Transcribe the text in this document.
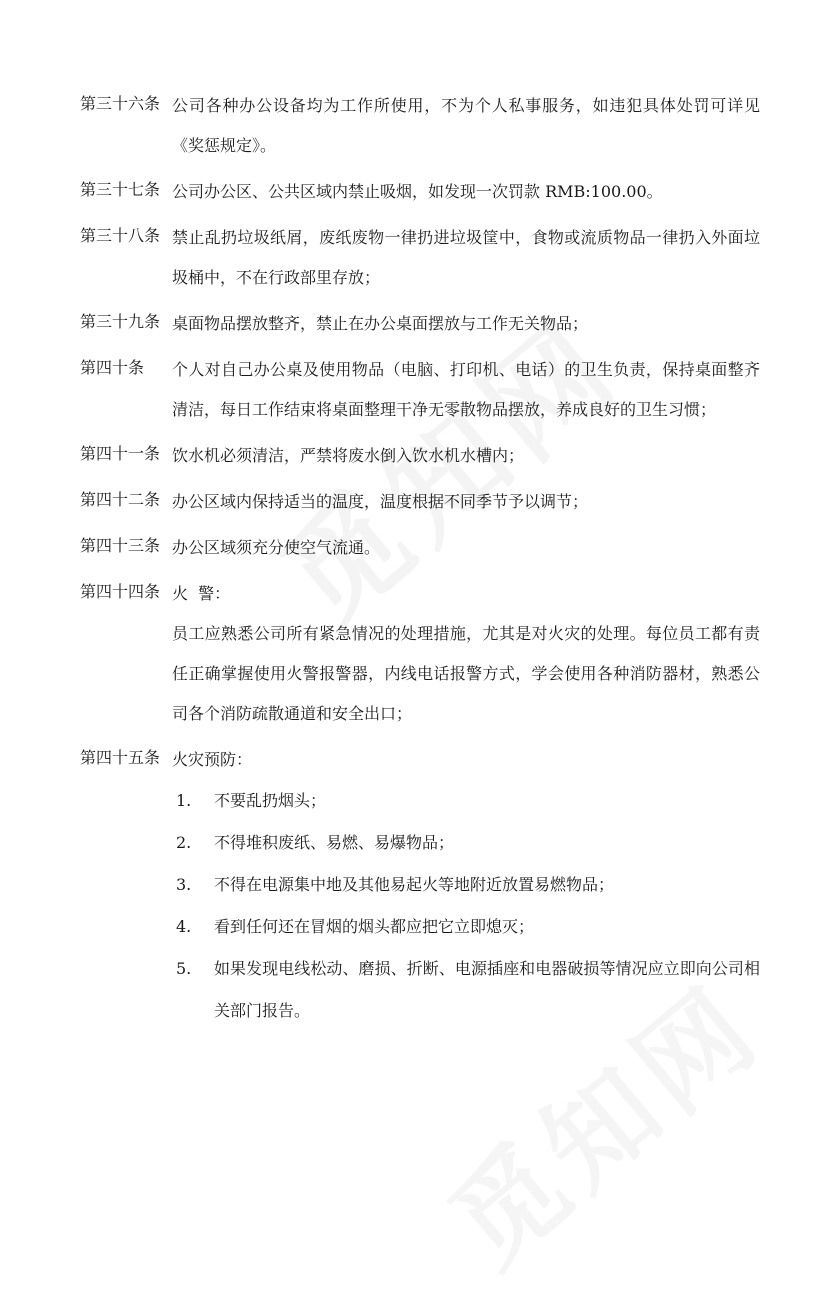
第三十六条 公司各种办公设备均为工作所使用，不为个人私事服务，如违犯具体处罚可详见《奖惩规定》。
第三十七条 公司办公区、公共区域内禁止吸烟，如发现一次罚款 RMB:100.00。
第三十八条 禁止乱扔垃圾纸屑，废纸废物一律扔进垃圾筐中，食物或流质物品一律扔入外面垃圾桶中，不在行政部里存放；
第三十九条 桌面物品摆放整齐，禁止在办公桌面摆放与工作无关物品；
第四十条	个人对自己办公桌及使用物品（电脑、打印机、电话）的卫生负责，保持桌面整齐清洁，每日工作结束将桌面整理干净无零散物品摆放，养成良好的卫生习惯；
第四十一条 饮水机必须清洁，严禁将废水倒入饮水机水槽内；
第四十二条 办公区域内保持适当的温度，温度根据不同季节予以调节；
第四十三条 办公区域须充分使空气流通。
第四十四条 火  警：
员工应熟悉公司所有紧急情况的处理措施，尤其是对火灾的处理。每位员工都有责任正确掌握使用火警报警器，内线电话报警方式，学会使用各种消防器材，熟悉公司各个消防疏散通道和安全出口；
第四十五条 火灾预防：
1.	不要乱扔烟头；
2.	不得堆积废纸、易燃、易爆物品；
3.	不得在电源集中地及其他易起火等地附近放置易燃物品；
4.	看到任何还在冒烟的烟头都应把它立即熄灭；
5.	如果发现电线松动、磨损、折断、电源插座和电器破损等情况应立即向公司相关部门报告。
